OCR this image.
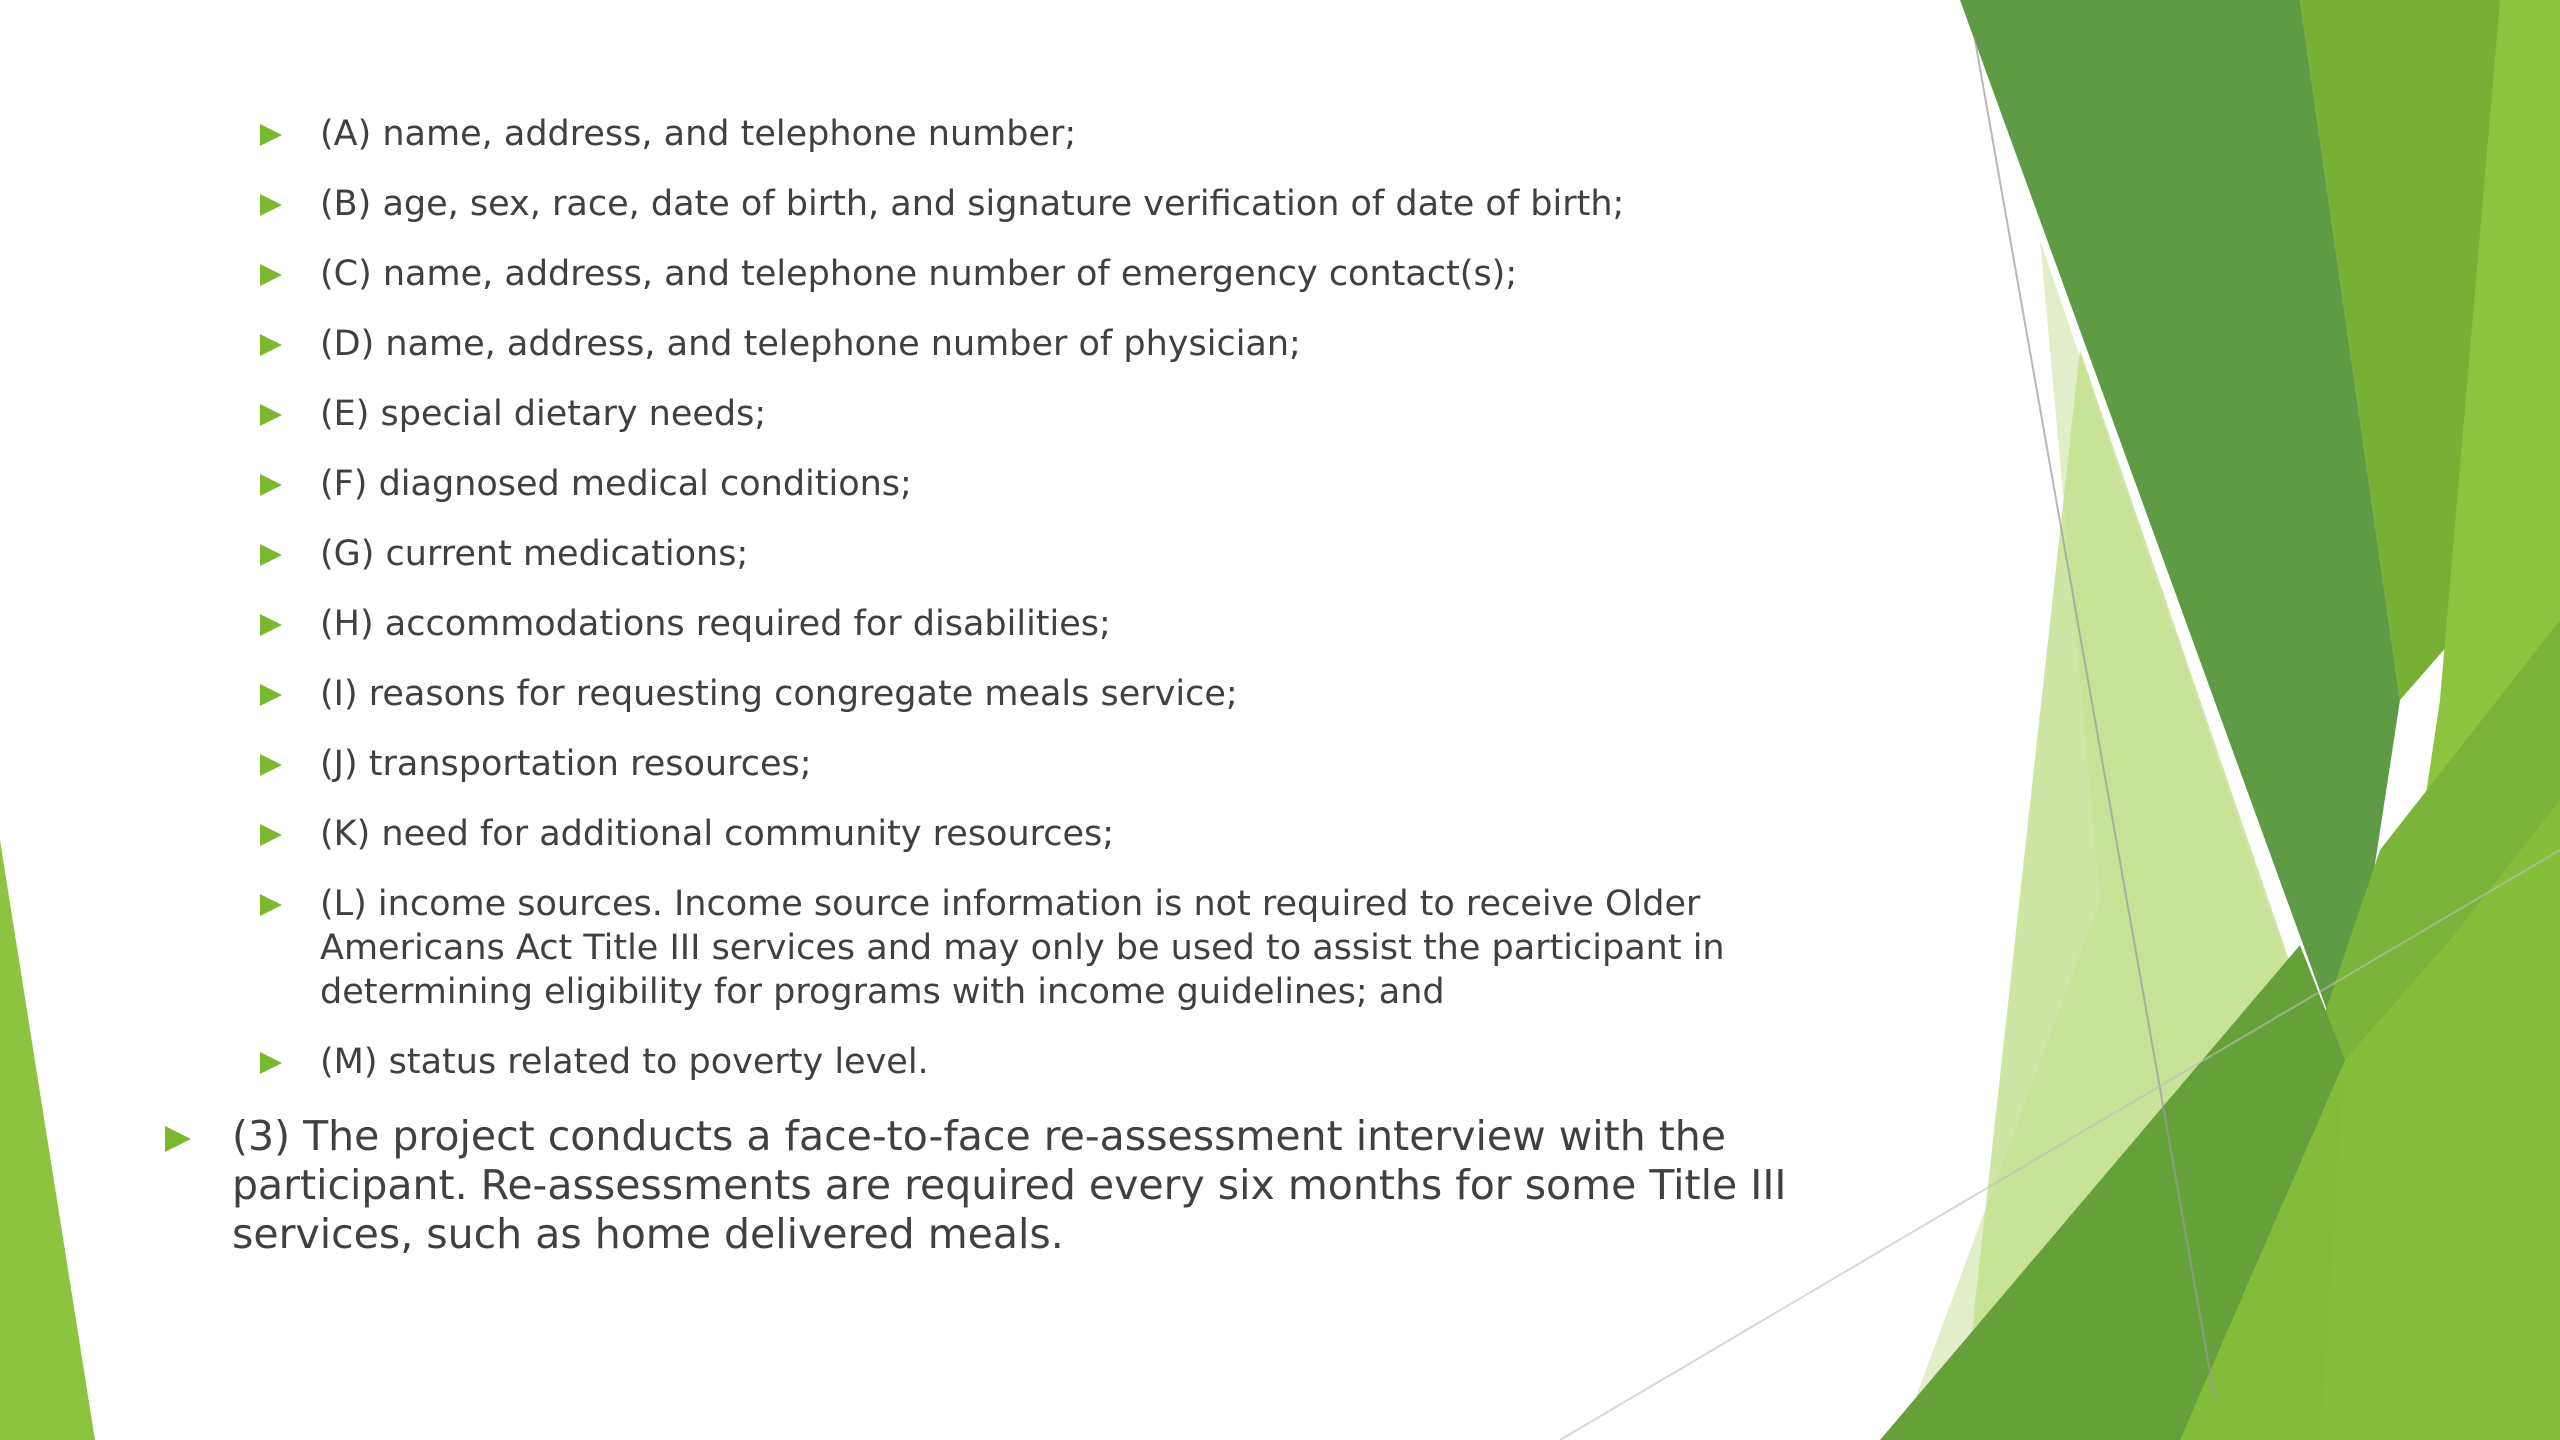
(A) name, address, and telephone number;
(B) age, sex, race, date of birth, and signature verification of date of birth;
(C) name, address, and telephone number of emergency contact(s);
(D) name, address, and telephone number of physician;
(E) special dietary needs;
(F) diagnosed medical conditions;
(G) current medications;
(H) accommodations required for disabilities;
(I) reasons for requesting congregate meals service;
(J) transportation resources;
(K) need for additional community resources;
(L) income sources. Income source information is not required to receive Older Americans Act Title III services and may only be used to assist the participant in determining eligibility for programs with income guidelines; and
(M) status related to poverty level.
(3) The project conducts a face-to-face re-assessment interview with the participant. Re-assessments are required every six months for some Title III services, such as home delivered meals.
